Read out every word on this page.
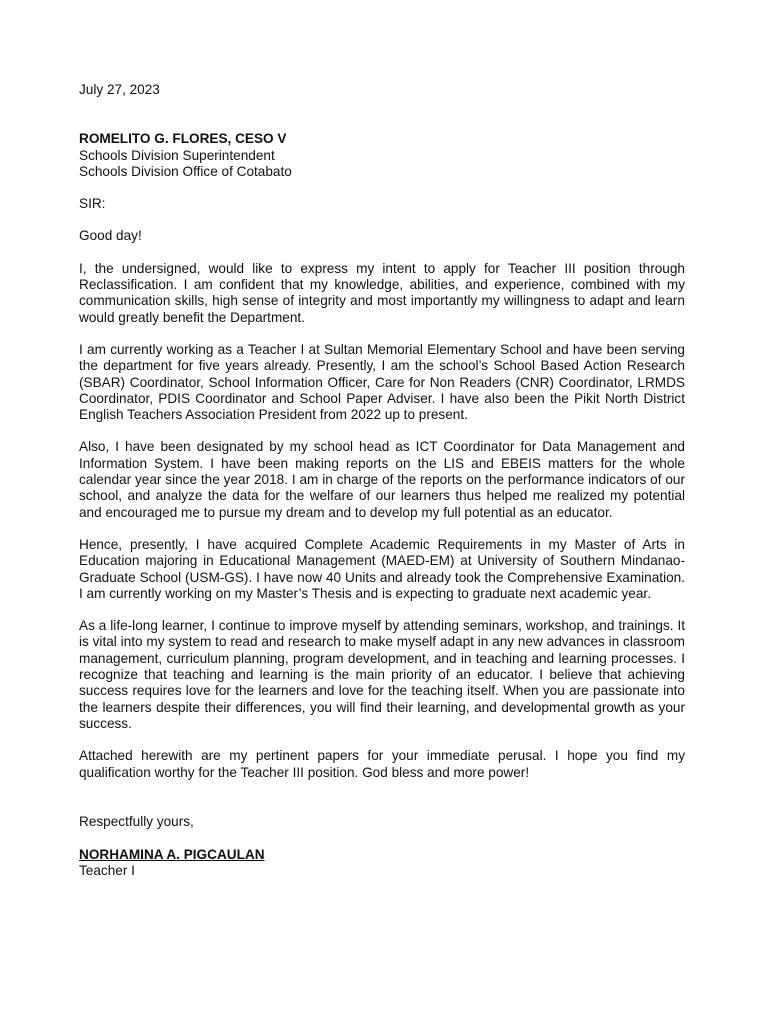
July 27, 2023

ROMELITO G. FLORES, CESO V

Schools Division Superintendent

Schools Division Office of Cotabato

SIR:

Good day!

I, the undersigned, would like to express my intent to apply for Teacher III position through Reclassification. I am confident that my knowledge, abilities, and experience, combined with my communication skills, high sense of integrity and most importantly my willingness to adapt and learn would greatly benefit the Department.

I am currently working as a Teacher I at Sultan Memorial Elementary School and have been serving the department for five years already. Presently, I am the school’s School Based Action Research (SBAR) Coordinator, School Information Officer, Care for Non Readers (CNR) Coordinator, LRMDS Coordinator, PDIS Coordinator and School Paper Adviser. I have also been the Pikit North District English Teachers Association President from 2022 up to present.

Also, I have been designated by my school head as ICT Coordinator for Data Management and Information System. I have been making reports on the LIS and EBEIS matters for the whole calendar year since the year 2018. I am in charge of the reports on the performance indicators of our school, and analyze the data for the welfare of our learners thus helped me realized my potential and encouraged me to pursue my dream and to develop my full potential as an educator.

Hence, presently, I have acquired Complete Academic Requirements in my Master of Arts in Education majoring in Educational Management (MAED-EM) at University of Southern Mindanao- Graduate School (USM-GS). I have now 40 Units and already took the Comprehensive Examination. I am currently working on my Master’s Thesis and is expecting to graduate next academic year.

As a life-long learner, I continue to improve myself by attending seminars, workshop, and trainings. It is vital into my system to read and research to make myself adapt in any new advances in classroom management, curriculum planning, program development, and in teaching and learning processes. I recognize that teaching and learning is the main priority of an educator. I believe that achieving success requires love for the learners and love for the teaching itself. When you are passionate into the learners despite their differences, you will find their learning, and developmental growth as your success.

Attached herewith are my pertinent papers for your immediate perusal. I hope you find my qualification worthy for the Teacher III position. God bless and more power!

Respectfully yours,

NORHAMINA A. PIGCAULAN

Teacher I
